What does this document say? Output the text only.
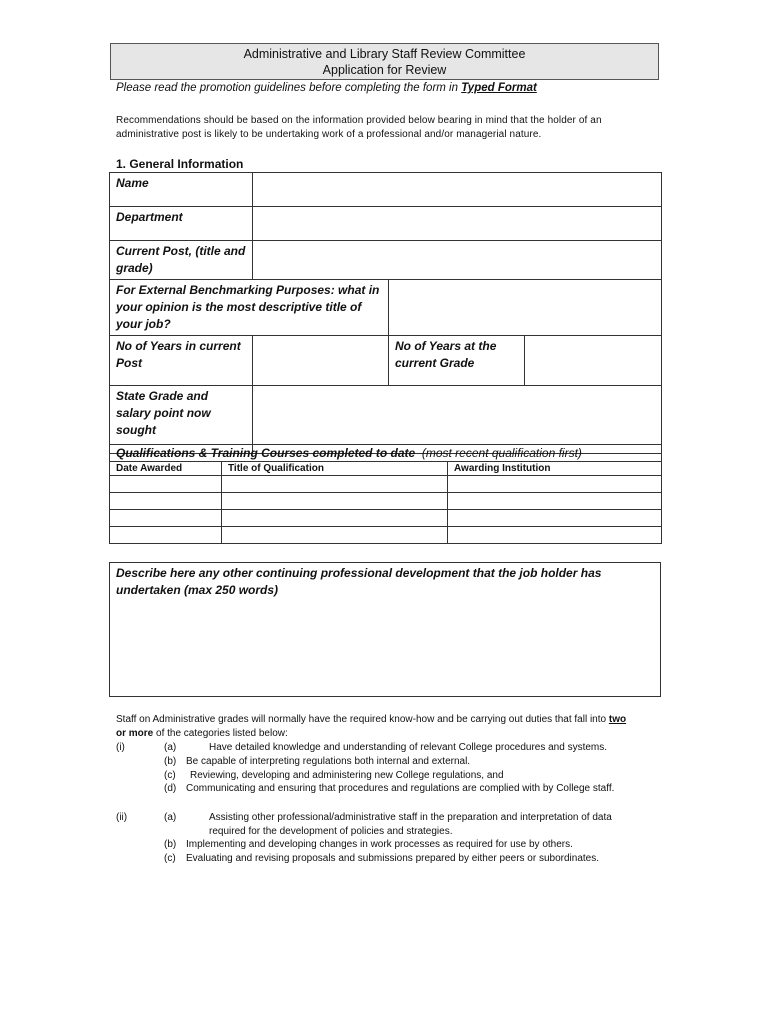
Administrative and Library Staff Review Committee
Application for Review
Please read the promotion guidelines before completing the form in Typed Format
Recommendations should be based on the information provided below bearing in mind that the holder of an administrative post is likely to be undertaking work of a professional and/or managerial nature.
1. General Information
Name			
Department			
Current Post, (title and grade)			
For External Benchmarking Purposes: what in your opinion is the most descriptive title of your job?			
No of Years in current Post		No of Years at the current Grade	
State Grade and salary point now sought			
Qualifications & Training Courses completed to date (most recent qualification first)		
Date Awarded	Title of Qualification	Awarding Institution

Describe here any other continuing professional development that the job holder has undertaken (max 250 words)
Staff on Administrative grades will normally have the required know-how and be carrying out duties that fall into two
or more of the categories listed below:
(i)	(a)	Have detailed knowledge and understanding of relevant College procedures and systems.
(b) Be capable of interpreting regulations both internal and external.
(c) Reviewing, developing and administering new College regulations, and
(d) Communicating and ensuring that procedures and regulations are complied with by College staff.
(ii)	(a)	Assisting other professional/administrative staff in the preparation and interpretation of data
required for the development of policies and strategies.
(b) Implementing and developing changes in work processes as required for use by others.
(c) Evaluating and revising proposals and submissions prepared by either peers or subordinates.
